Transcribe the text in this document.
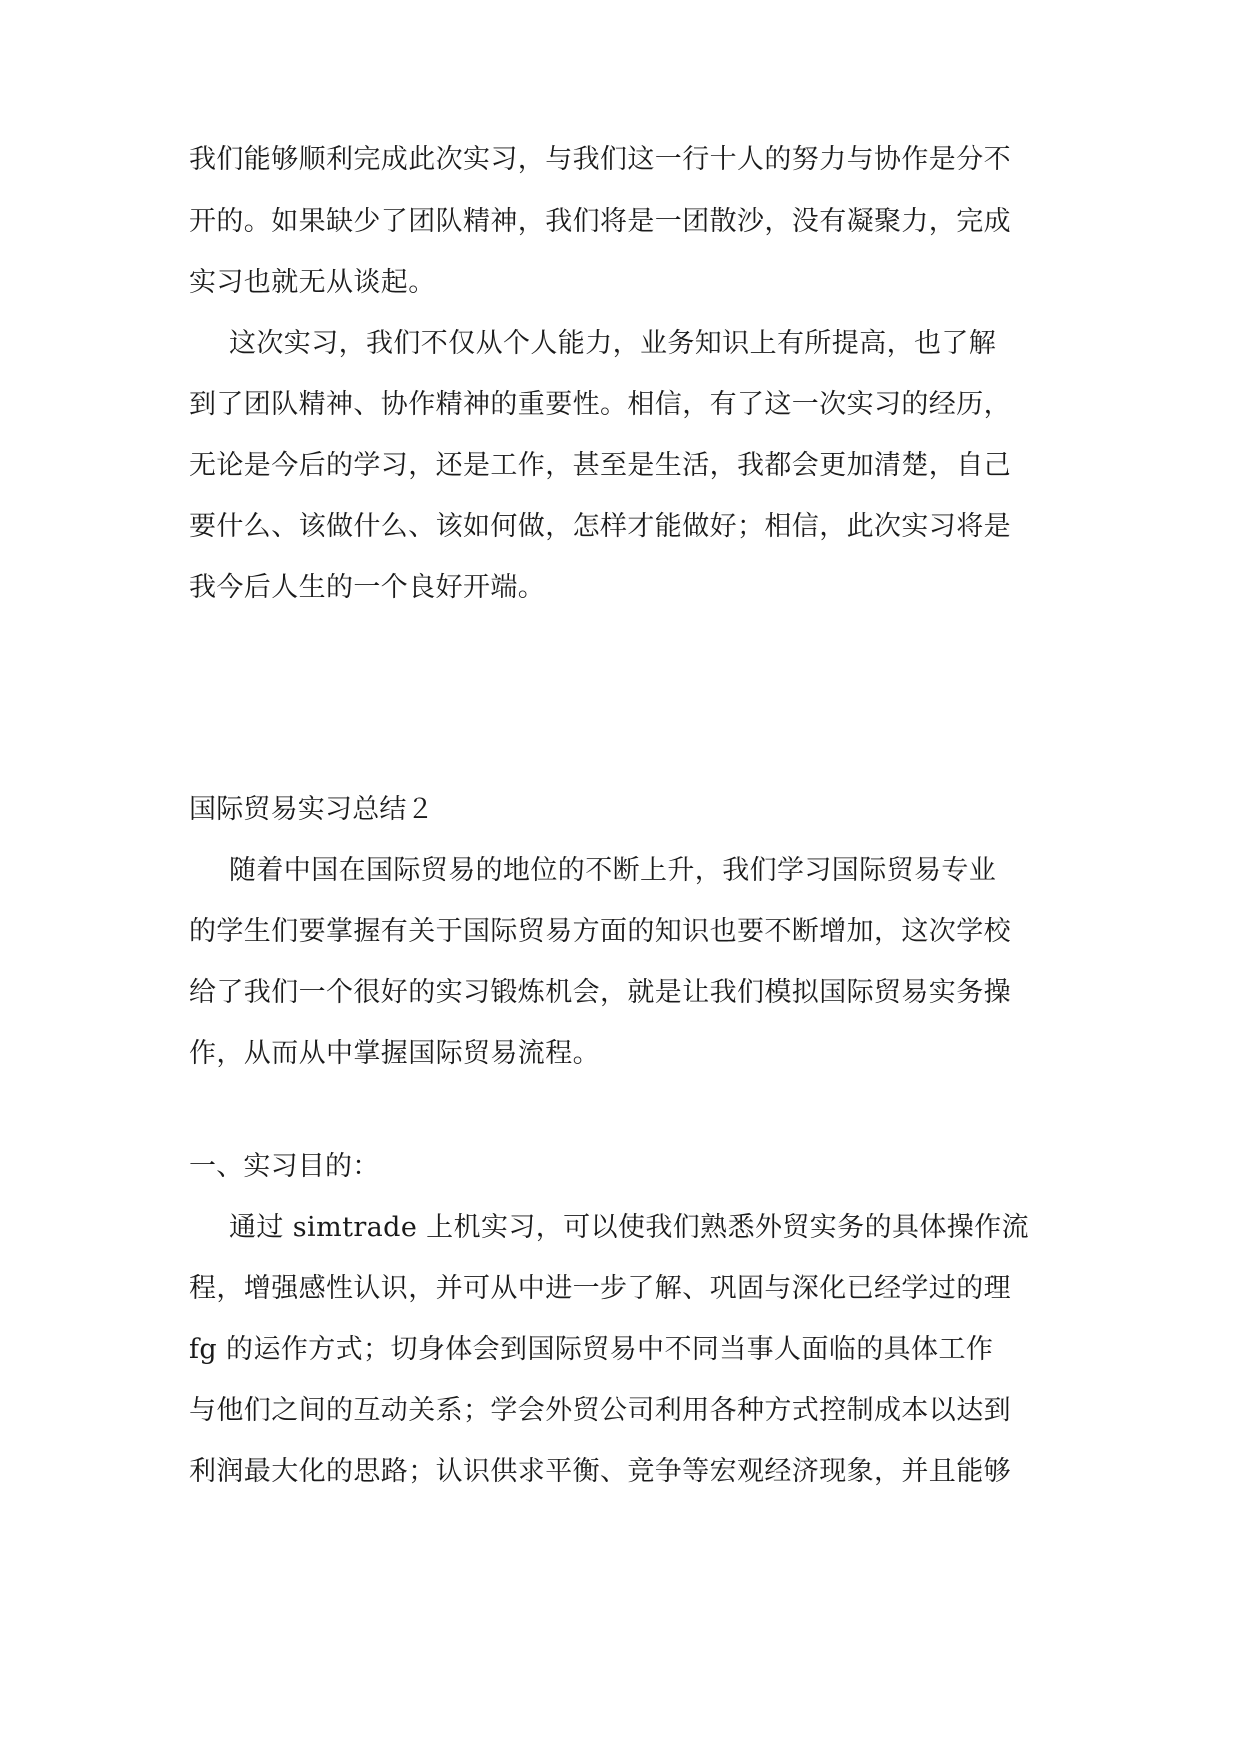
我们能够顺利完成此次实习，与我们这一行十人的努力与协作是分不
开的。如果缺少了团队精神，我们将是一团散沙，没有凝聚力，完成
实习也就无从谈起。
这次实习，我们不仅从个人能力，业务知识上有所提高，也了解
到了团队精神、协作精神的重要性。相信，有了这一次实习的经历，
无论是今后的学习，还是工作，甚至是生活，我都会更加清楚，自己
要什么、该做什么、该如何做，怎样才能做好；相信，此次实习将是
我今后人生的一个良好开端。
国际贸易实习总结２
随着中国在国际贸易的地位的不断上升，我们学习国际贸易专业
的学生们要掌握有关于国际贸易方面的知识也要不断增加，这次学校
给了我们一个很好的实习锻炼机会，就是让我们模拟国际贸易实务操
作，从而从中掌握国际贸易流程。
一、实习目的：
通过 simtrade 上机实习，可以使我们熟悉外贸实务的具体操作流
程，增强感性认识，并可从中进一步了解、巩固与深化已经学过的理
fg 的运作方式；切身体会到国际贸易中不同当事人面临的具体工作
与他们之间的互动关系；学会外贸公司利用各种方式控制成本以达到
利润最大化的思路；认识供求平衡、竞争等宏观经济现象，并且能够
